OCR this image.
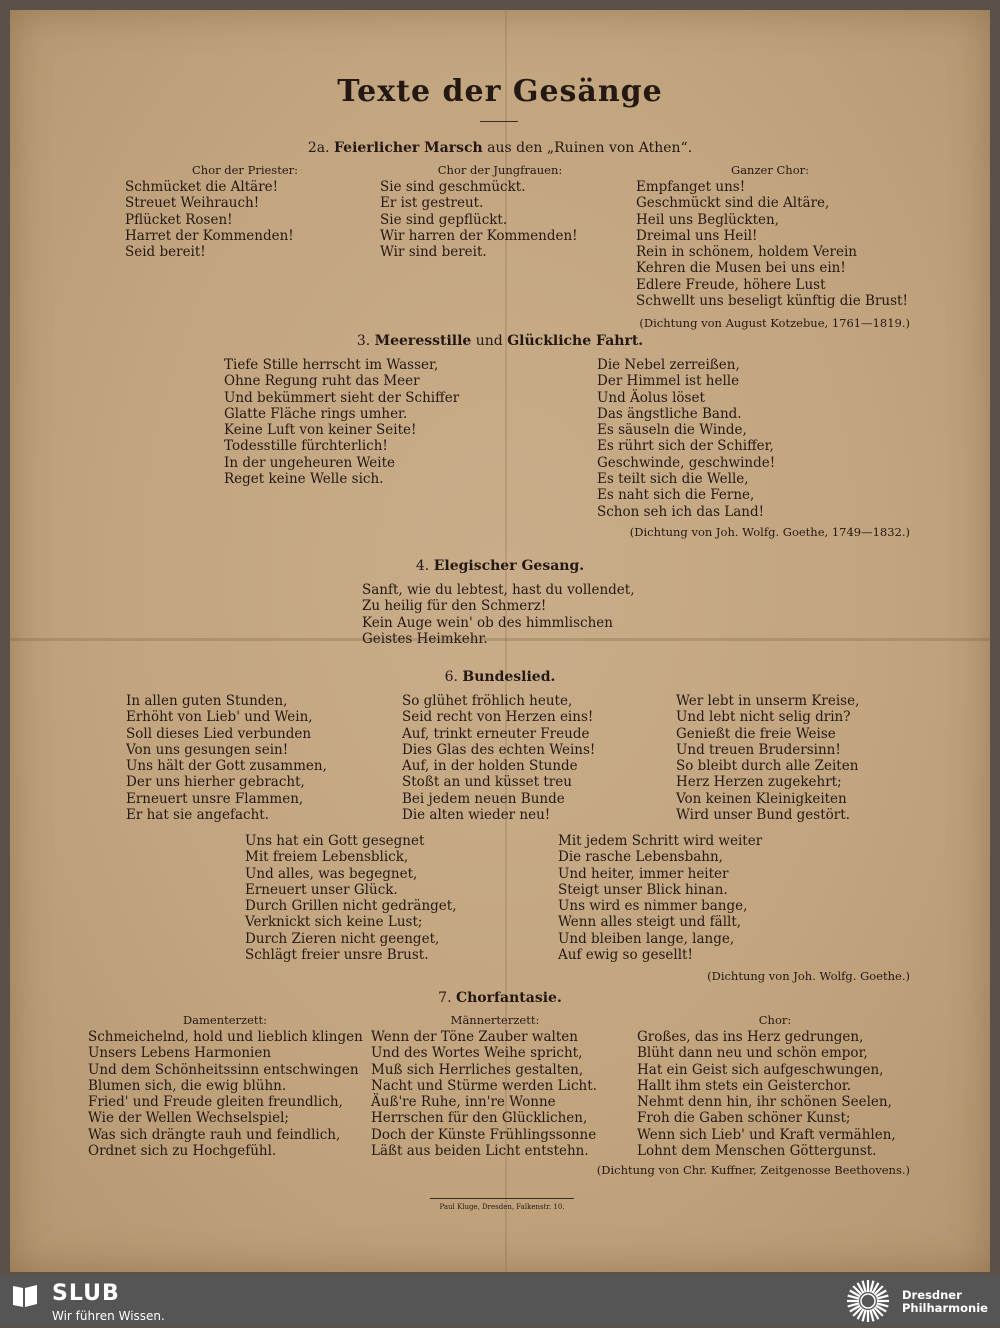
Texte der Gesänge
2a. Feierlicher Marsch aus den „Ruinen von Athen“.
Chor der Priester:	Chor der Jungfrauen:	Ganzer Chor:
Schmücket die Altäre!
Streuet Weihrauch!
Pflücket Rosen!
Harret der Kommenden!
Seid bereit!
Sie sind geschmückt.
Er ist gestreut.
Sie sind gepflückt.
Wir harren der Kommenden!
Wir sind bereit.
Empfanget uns!
Geschmückt sind die Altäre,
Heil uns Beglückten,
Dreimal uns Heil!
Rein in schönem, holdem Verein
Kehren die Musen bei uns ein!
Edlere Freude, höhere Lust
Schwellt uns beseligt künftig die Brust!
(Dichtung von August Kotzebue, 1761—1819.)
3. Meeresstille und Glückliche Fahrt.
Tiefe Stille herrscht im Wasser,
Ohne Regung ruht das Meer
Und bekümmert sieht der Schiffer
Glatte Fläche rings umher.
Keine Luft von keiner Seite!
Todesstille fürchterlich!
In der ungeheuren Weite
Reget keine Welle sich.
Die Nebel zerreißen,
Der Himmel ist helle
Und Äolus löset
Das ängstliche Band.
Es säuseln die Winde,
Es rührt sich der Schiffer,
Geschwinde, geschwinde!
Es teilt sich die Welle,
Es naht sich die Ferne,
Schon seh ich das Land!
(Dichtung von Joh. Wolfg. Goethe, 1749—1832.)
4. Elegischer Gesang.
Sanft, wie du lebtest, hast du vollendet,
Zu heilig für den Schmerz!
Kein Auge wein' ob des himmlischen
Geistes Heimkehr.
6. Bundeslied.
In allen guten Stunden,
Erhöht von Lieb' und Wein,
Soll dieses Lied verbunden
Von uns gesungen sein!
Uns hält der Gott zusammen,
Der uns hierher gebracht,
Erneuert unsre Flammen,
Er hat sie angefacht.
So glühet fröhlich heute,
Seid recht von Herzen eins!
Auf, trinkt erneuter Freude
Dies Glas des echten Weins!
Auf, in der holden Stunde
Stoßt an und küsset treu
Bei jedem neuen Bunde
Die alten wieder neu!
Wer lebt in unserm Kreise,
Und lebt nicht selig drin?
Genießt die freie Weise
Und treuen Brudersinn!
So bleibt durch alle Zeiten
Herz Herzen zugekehrt;
Von keinen Kleinigkeiten
Wird unser Bund gestört.
Uns hat ein Gott gesegnet
Mit freiem Lebensblick,
Und alles, was begegnet,
Erneuert unser Glück.
Durch Grillen nicht gedränget,
Verknickt sich keine Lust;
Durch Zieren nicht geenget,
Schlägt freier unsre Brust.
Mit jedem Schritt wird weiter
Die rasche Lebensbahn,
Und heiter, immer heiter
Steigt unser Blick hinan.
Uns wird es nimmer bange,
Wenn alles steigt und fällt,
Und bleiben lange, lange,
Auf ewig so gesellt!
(Dichtung von Joh. Wolfg. Goethe.)
7. Chorfantasie.
Damenterzett:	Männerterzett:	Chor:
Schmeichelnd, hold und lieblich klingen
Unsers Lebens Harmonien
Und dem Schönheitssinn entschwingen
Blumen sich, die ewig blühn.
Fried' und Freude gleiten freundlich,
Wie der Wellen Wechselspiel;
Was sich drängte rauh und feindlich,
Ordnet sich zu Hochgefühl.
Wenn der Töne Zauber walten
Und des Wortes Weihe spricht,
Muß sich Herrliches gestalten,
Nacht und Stürme werden Licht.
Äuß're Ruhe, inn're Wonne
Herrschen für den Glücklichen,
Doch der Künste Frühlingssonne
Läßt aus beiden Licht entstehn.
Großes, das ins Herz gedrungen,
Blüht dann neu und schön empor,
Hat ein Geist sich aufgeschwungen,
Hallt ihm stets ein Geisterchor.
Nehmt denn hin, ihr schönen Seelen,
Froh die Gaben schöner Kunst;
Wenn sich Lieb' und Kraft vermählen,
Lohnt dem Menschen Göttergunst.
(Dichtung von Chr. Kuffner, Zeitgenosse Beethovens.)
Paul Kluge, Dresden, Falkenstr. 10.
SLUB
Wir führen Wissen.
Dresdner
Philharmonie
